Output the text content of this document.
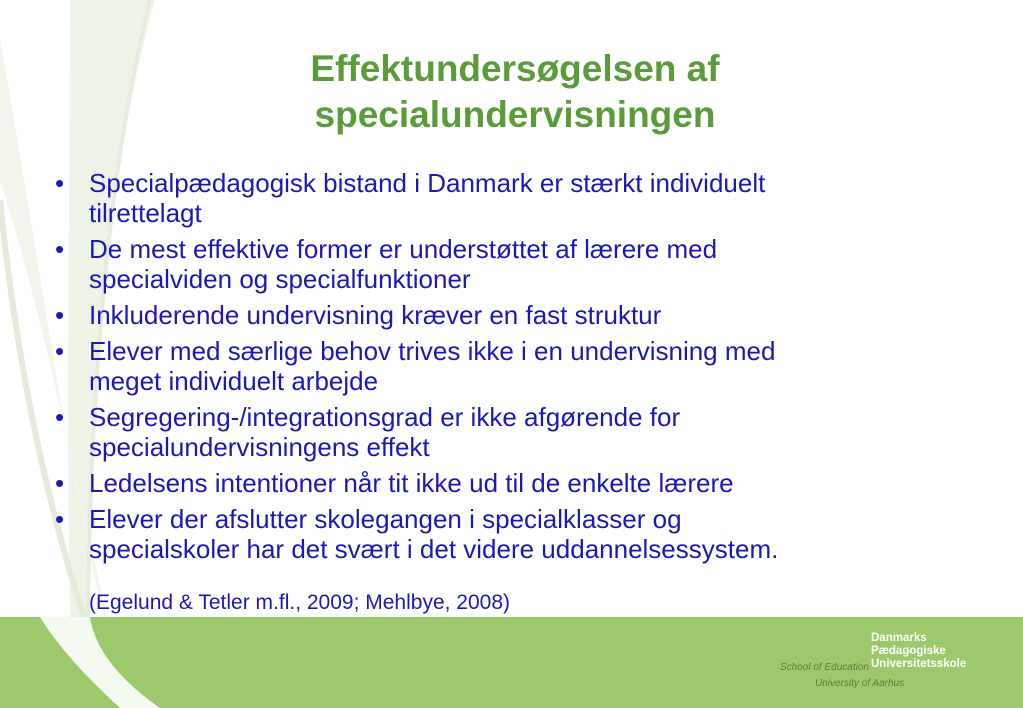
Effektundersøgelsen af
specialundervisningen
• Specialpædagogisk bistand i Danmark er stærkt individuelt
tilrettelagt
• De mest effektive former er understøttet af lærere med
specialviden og specialfunktioner
• Inkluderende undervisning kræver en fast struktur
• Elever med særlige behov trives ikke i en undervisning med
meget individuelt arbejde
• Segregering-/integrationsgrad er ikke afgørende for
specialundervisningens effekt
• Ledelsens intentioner når tit ikke ud til de enkelte lærere
• Elever der afslutter skolegangen i specialklasser og
specialskoler har det svært i det videre uddannelsessystem.

(Egelund & Tetler m.fl., 2009; Mehlbye, 2008)

Danmarks
Pædagogiske
Universitetsskole
School of Education
University of Aarhus
